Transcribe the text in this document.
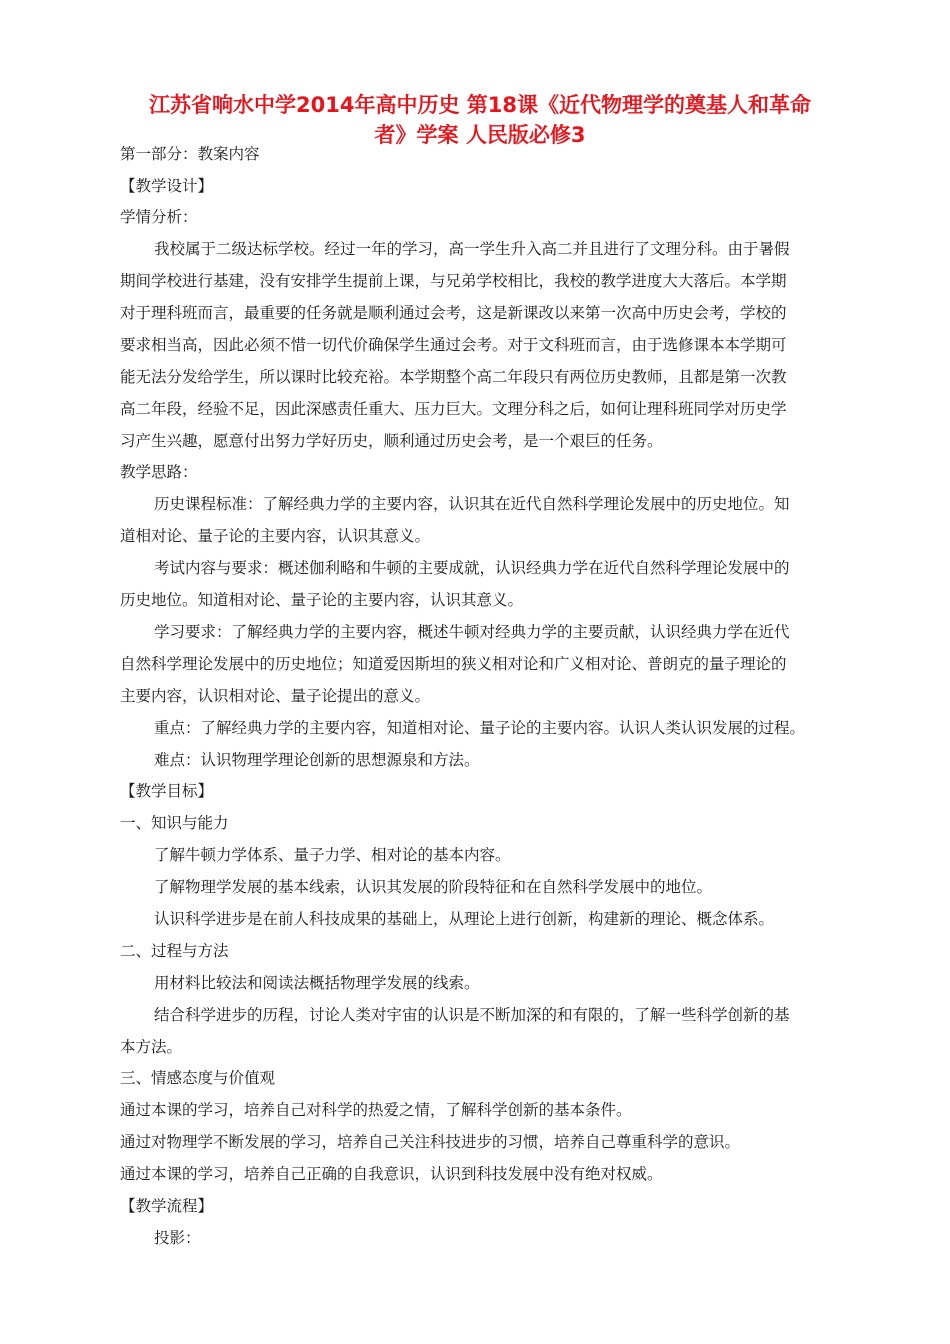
江苏省响水中学2014年高中历史 第18课《近代物理学的奠基人和革命
者》学案 人民版必修3
第一部分：教案内容
【教学设计】
学情分析：
我校属于二级达标学校。经过一年的学习，高一学生升入高二并且进行了文理分科。由于暑假
期间学校进行基建，没有安排学生提前上课，与兄弟学校相比，我校的教学进度大大落后。本学期
对于理科班而言，最重要的任务就是顺利通过会考，这是新课改以来第一次高中历史会考，学校的
要求相当高，因此必须不惜一切代价确保学生通过会考。对于文科班而言，由于选修课本本学期可
能无法分发给学生，所以课时比较充裕。本学期整个高二年段只有两位历史教师，且都是第一次教
高二年段，经验不足，因此深感责任重大、压力巨大。文理分科之后，如何让理科班同学对历史学
习产生兴趣，愿意付出努力学好历史，顺利通过历史会考，是一个艰巨的任务。
教学思路：
历史课程标准：了解经典力学的主要内容，认识其在近代自然科学理论发展中的历史地位。知
道相对论、量子论的主要内容，认识其意义。
考试内容与要求：概述伽利略和牛顿的主要成就，认识经典力学在近代自然科学理论发展中的
历史地位。知道相对论、量子论的主要内容，认识其意义。
学习要求：了解经典力学的主要内容，概述牛顿对经典力学的主要贡献，认识经典力学在近代
自然科学理论发展中的历史地位；知道爱因斯坦的狭义相对论和广义相对论、普朗克的量子理论的
主要内容，认识相对论、量子论提出的意义。
重点：了解经典力学的主要内容，知道相对论、量子论的主要内容。认识人类认识发展的过程。
难点：认识物理学理论创新的思想源泉和方法。
【教学目标】
一、知识与能力
了解牛顿力学体系、量子力学、相对论的基本内容。
了解物理学发展的基本线索，认识其发展的阶段特征和在自然科学发展中的地位。
认识科学进步是在前人科技成果的基础上，从理论上进行创新，构建新的理论、概念体系。
二、过程与方法
用材料比较法和阅读法概括物理学发展的线索。
结合科学进步的历程，讨论人类对宇宙的认识是不断加深的和有限的，了解一些科学创新的基
本方法。
三、情感态度与价值观
通过本课的学习，培养自己对科学的热爱之情，了解科学创新的基本条件。
通过对物理学不断发展的学习，培养自己关注科技进步的习惯，培养自己尊重科学的意识。
通过本课的学习，培养自己正确的自我意识，认识到科技发展中没有绝对权威。
【教学流程】
投影：
